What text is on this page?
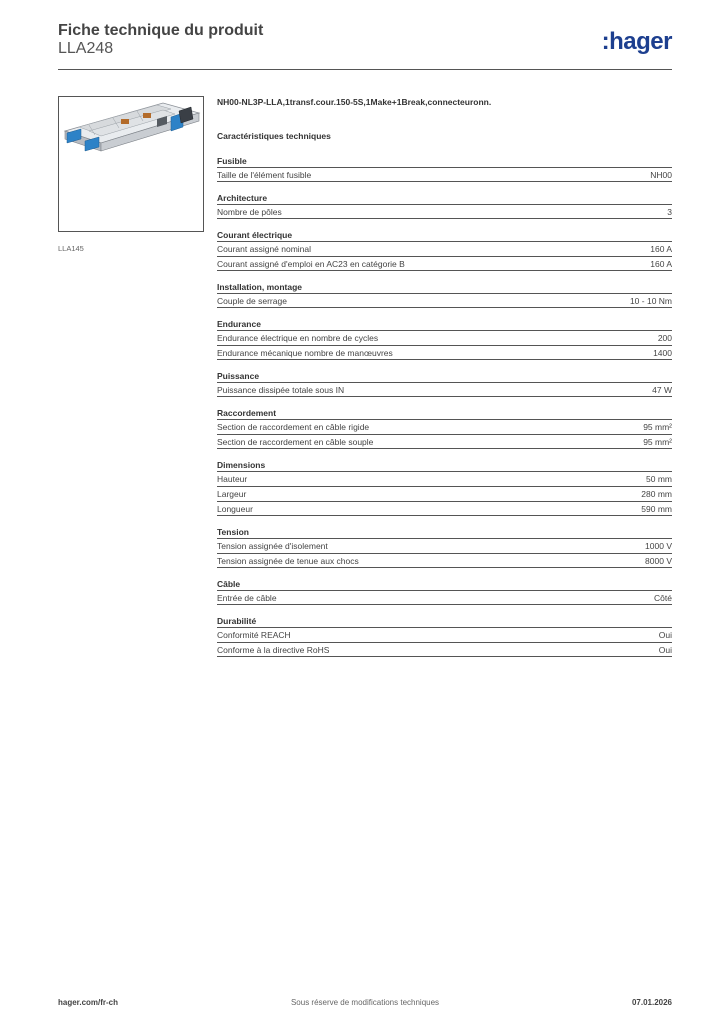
Fiche technique du produit
LLA248	:hager
LLA145
NH00-NL3P-LLA,1transf.cour.150-5S,1Make+1Break,connecteuronn.
Caractéristiques techniques
Fusible
Taille de l'élément fusible	NH00
Architecture
Nombre de pôles	3
Courant électrique
Courant assigné nominal	160 A
Courant assigné d'emploi en AC23 en catégorie B	160 A
Installation, montage
Couple de serrage	10 - 10 Nm
Endurance
Endurance électrique en nombre de cycles	200
Endurance mécanique nombre de manœuvres	1400
Puissance
Puissance dissipée totale sous IN	47 W
Raccordement
Section de raccordement en câble rigide	95 mm²
Section de raccordement en câble souple	95 mm²
Dimensions
Hauteur	50 mm
Largeur	280 mm
Longueur	590 mm
Tension
Tension assignée d'isolement	1000 V
Tension assignée de tenue aux chocs	8000 V
Câble
Entrée de câble	Côté
Durabilité
Conformité REACH	Oui
Conforme à la directive RoHS	Oui
hager.com/fr-ch	Sous réserve de modifications techniques	07.01.2026
